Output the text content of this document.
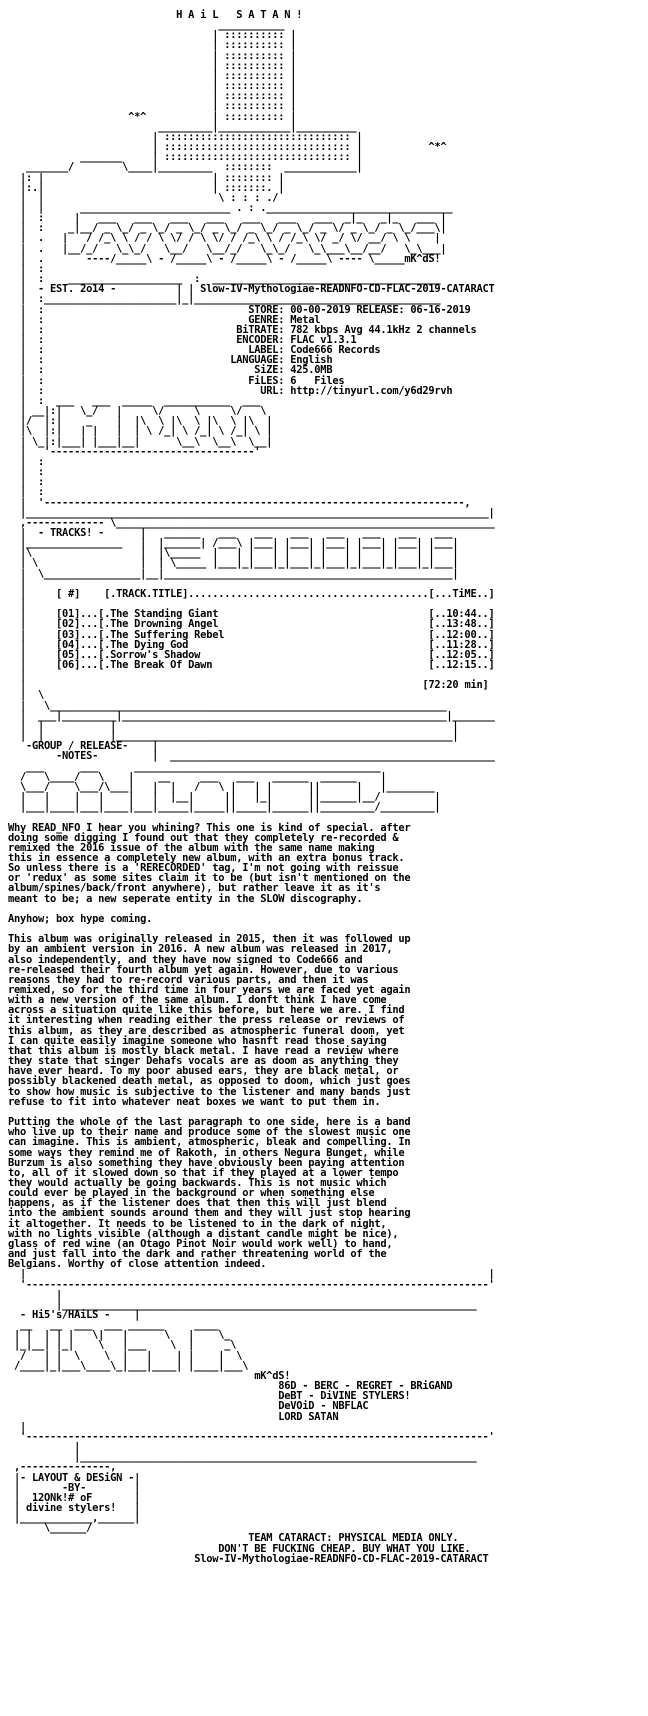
H A i L   S A T A N !
___________
| :::::::::: |
| :::::::::: |
| :::::::::: |
| :::::::::: |
| :::::::::: |
| :::::::::: |
| :::::::::: |
| :::::::::: |
^*^           | :::::::::: |
_________|____________|__________
| ::::::::::::::::::::::::::::::: |
| ::::::::::::::::::::::::::::::: |           ^*^
_______     | ::::::::::::::::::::::::::::::: |
_______/        \____|_________  ::::::::  ____________|
|: |                            | :::::::: |
|:.|                            | :::::::. |
|  |                             \ : : : ./
|  |      _________________________ . : ._______________________________
|  :     |   ___   ___   ___   ___   ___   ___   ___  _|_   _|_   ___ |
|  :    _|__/ _ \_/ _ \_/ _ \_/ _ \_/ _ \_/ _ \_/ _ \/ _ \_/ _ \_/___\|
|  .   |   / /_\ \ / / \ \/ / \ \/ / /_\ \ / /_\ \/ _/ \/ __/ \ \    |
|  .   |__/_/   \_\_/   \__/   \__/_/   \_\_/   \_\___\__/__/   \_\___|
|  .       ----/_____\ - /_____\ - /_____\ - /_____\ ---- \_____mK^dS!
|  :
|  :    ___________________  :  ______________________________________
|  - EST. 2o14 -          | | Slow-IV-Mythologiae-READNFO-CD-FLAC-2019-CATARACT
|  :______________________|_|_________________________________________
|  :                                  STORE: 00-00-2019 RELEASE: 06-16-2019
|  :                                  GENRE: Metal
|  :                                BiTRATE: 782 kbps Avg 44.1kHz 2 channels
|  :                                ENCODER: FLAC v1.3.1
|  :                                  LABEL: Code666 Records
|  :                               LANGUAGE: English
|  :                                   SiZE: 425.0MB
|  :                                  FiLES: 6   Files
|  :                                    URL: http://tinyurl.com/y6d29rvh
|  :  ___   ___  _____  ___________  ___
| __|:|   \_/   |     \/     \     \/   \
|/  |:|    _    |  |\  \ |\  \ |\  \ |\  |
|\  |:|   | |   |  | \ /_| \ /_| \ /_| \ |
| \_|:|___| |___|__|      \__\  \__\  \__|
|   '----------------------------------'
|  :
|  :
|  :
|  :
|  '----------------------------------------------------------------------,
|_____________________________________________________________________________|
,------------- \_______________________________________________________________
|  - TRACKS! -      |   ______   ___   ___   ___   ___   ___   ___   ___
|________________   |  |______| /___\ |___| |___| |___| |___| |___| |___|
|\                  |  |\_____  |   | |   | |   | |   | |   | |   | |   |
| \                 |  | \_____ |___|_|___|_|___|_|___|_|___|_|___|_|___|
|  \________________|__|________________________________________________|
|
|	[ #]    [.TRACK.TITLE]........................................[...TiME..]
|
|	[01]...[.The Standing Giant                                   [..10:44..]
|	[02]...[.The Drowning Angel                                   [..13:48..]
|	[03]...[.The Suffering Rebel                                  [..12:00..]
|	[04]...[.The Dying God                                        [..11:28..]
|	[05]...[.Sorrow's Shadow                                      [..12:05..]
|	[06]...[.The Break Of Dawn                                    [..12:15..]
|
|	[72:20 min]
|  \
|   \__________________________________________________________________
|  ___|_________|______________________________________________________|_______
|  |           |                                                        |
|  |           |________________________________________________________|
-GROUP / RELEASE-    |
-NOTES-         |  ______________________________________________________
___      ___      _________________________________________
/   \____/   \    |    __     ___   ___   ______  ______    |
\___/    \___/\___|   |  |   /   \ |   | |      ||      |   |________
|   |    |   |    |   |  |__|     ||   |_|      ||______|__/         |
|___|____|___|____|___|_____|_____||_____|______||_________/_________|

Why READ_NFO I hear you whining? This one is kind of special. after
doing some digging I found out that they completely re-recorded &
remixed the 2016 issue of the album with the same name making
this in essence a completely new album, with an extra bonus track.
So unless there is a 'RERECORDED' tag, I'm not going with reissue
or 'redux' as some sites claim it to be (but isn't mentioned on the
album/spines/back/front anywhere), but rather leave it as it's
meant to be; a new seperate entity in the SLOW discography.

Anyhow; box hype coming.

This album was originally released in 2015, then it was followed up
by an ambient version in 2016. A new album was released in 2017,
also independently, and they have now signed to Code666 and
re-released their fourth album yet again. However, due to various
reasons they had to re-record various parts, and then it was
remixed, so for the third time in four years we are faced yet again
with a new version of the same album. I donft think I have come
across a situation quite like this before, but here we are. I find
it interesting when reading either the press release or reviews of
this album, as they are described as atmospheric funeral doom, yet
I can quite easily imagine someone who hasnft read those saying
that this album is mostly black metal. I have read a review where
they state that singer Dehafs vocals are as doom as anything they
have ever heard. To my poor abused ears, they are black metal, or
possibly blackened death metal, as opposed to doom, which just goes
to show how music is subjective to the listener and many bands just
refuse to fit into whatever neat boxes we want to put them in.

Putting the whole of the last paragraph to one side, here is a band
who live up to their name and produce some of the slowest music one
can imagine. This is ambient, atmospheric, bleak and compelling. In
some ways they remind me of Rakoth, in others Negura Bunget, while
Burzum is also something they have obviously been paying attention
to, all of it slowed down so that if they played at a lower tempo
they would actually be going backwards. This is not music which
could ever be played in the background or when something else
happens, as if the listener does that then this will just blend
into the ambient sounds around them and they will just stop hearing
it altogether. It needs to be listened to in the dark of night,
with no lights visible (although a distant candle might be nice),
glass of red wine (an Otago Pinot Noir would work well) to hand,
and just fall into the dark and rather threatening world of the
Belgians. Worthy of close attention indeed.
|                                                                             |
'-----------------------------------------------------------------------------'
|
|_____________________________________________________________________
- Hi5's/HAiLS -    |
__   __  ___  ___ ______     ____
| |  | | |   \|   |      \   |    \_
|_|__| |_|    \   |___    \  |     _\
/   | |  \    \  |   |    | |    |  \
/____|_|___\____\_|___|____| |____|___\
mK^dS!
86D - BERC - REGRET - BRiGAND
DeBT - DiVINE STYLERS!
DeVOiD - NBFLAC
LORD SATAN
|
'-----------------------------------------------------------------------------'
|
|__________________________________________________________________
,---------------,
|- LAYOUT & DESiGN -|
|       -BY-        |
|  12ONk!# oF       |
| divine stylers!   |
|____________,______|
\______/
TEAM CATARACT: PHYSICAL MEDIA ONLY.
DON'T BE FUCKING CHEAP. BUY WHAT YOU LIKE.
Slow-IV-Mythologiae-READNFO-CD-FLAC-2019-CATARACT
